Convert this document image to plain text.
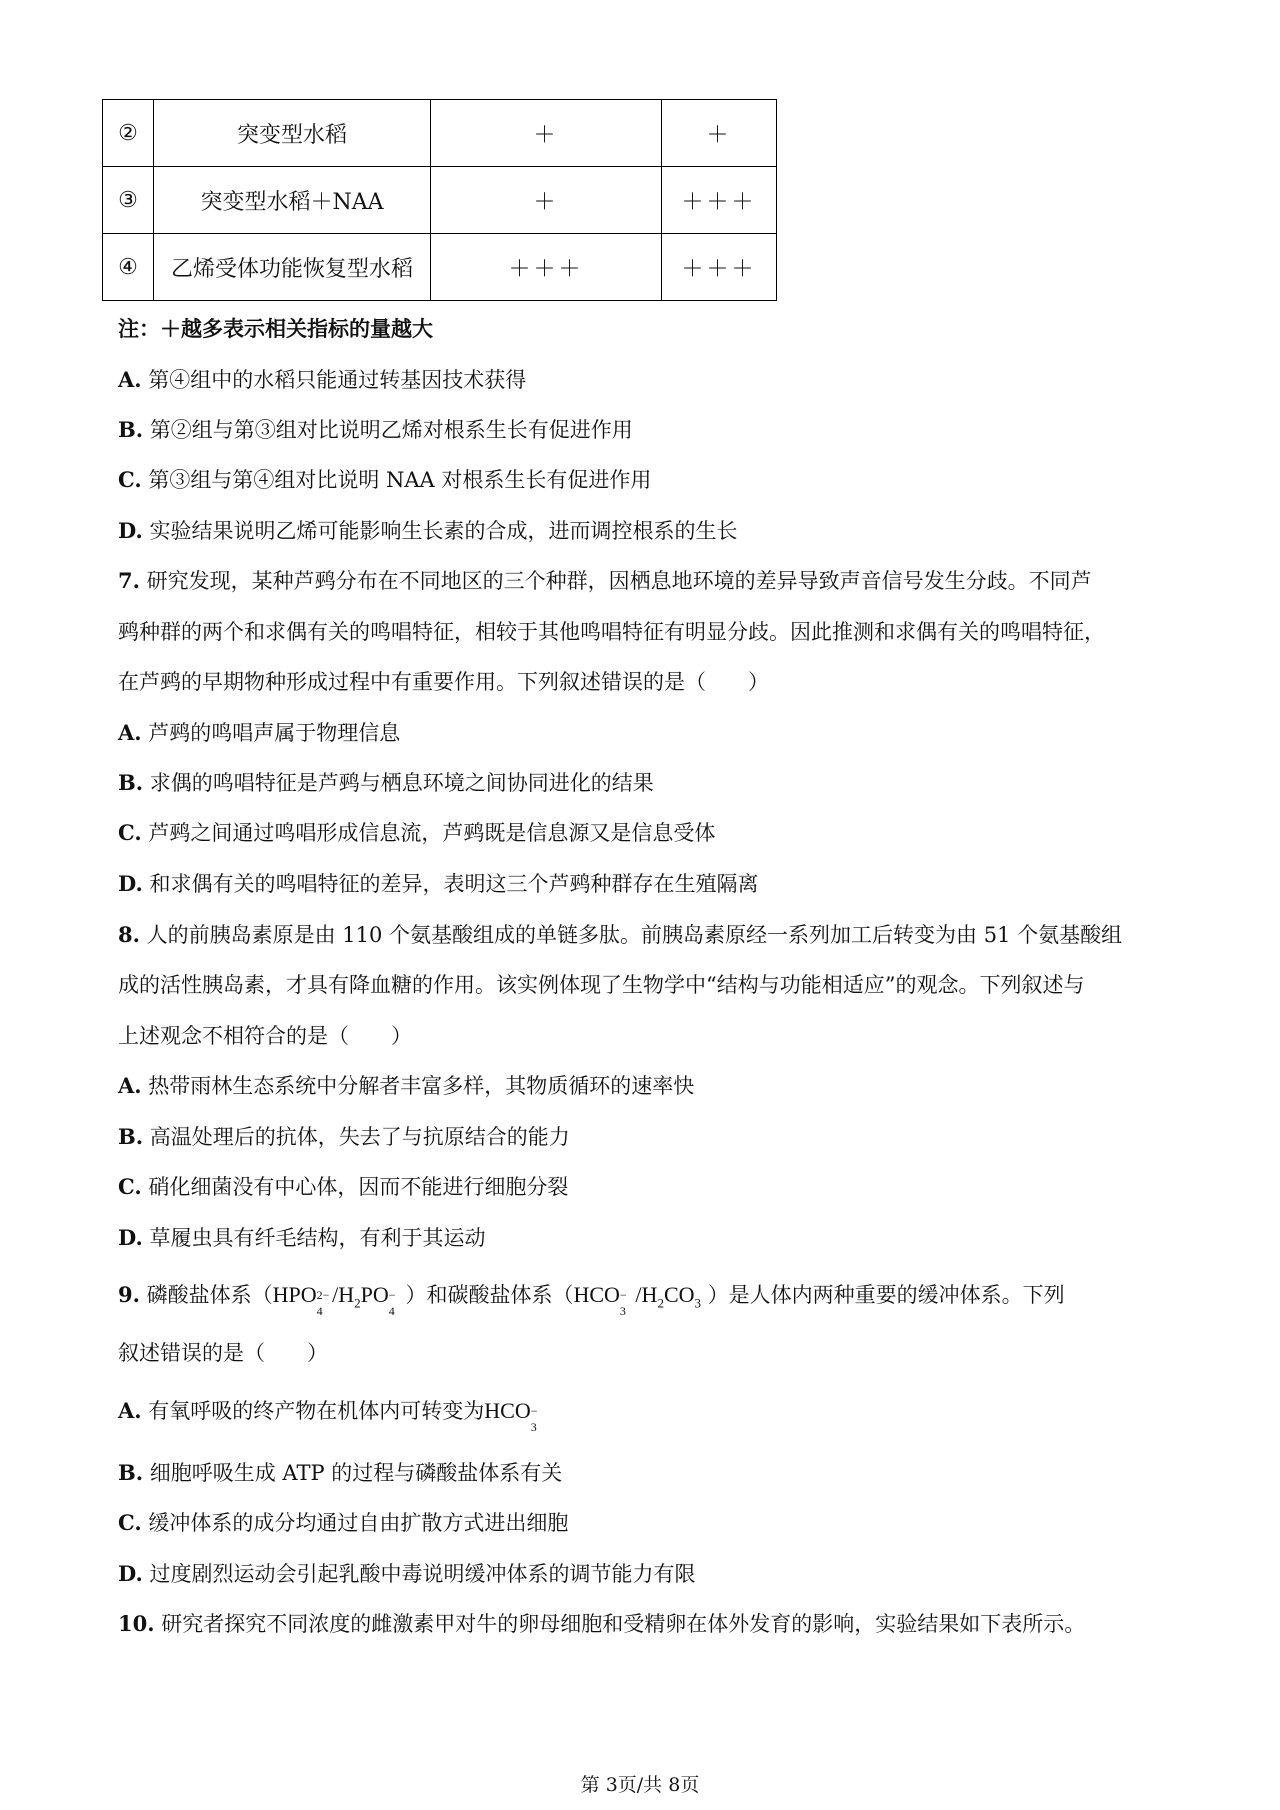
②	突变型水稻	＋	＋
③	突变型水稻＋NAA	＋	＋＋＋
④	乙烯受体功能恢复型水稻	＋＋＋	＋＋＋
注：＋越多表示相关指标的量越大
A. 第④组中的水稻只能通过转基因技术获得
B. 第②组与第③组对比说明乙烯对根系生长有促进作用
C. 第③组与第④组对比说明 NAA 对根系生长有促进作用
D. 实验结果说明乙烯可能影响生长素的合成，进而调控根系的生长
7. 研究发现，某种芦鹀分布在不同地区的三个种群，因栖息地环境的差异导致声音信号发生分歧。不同芦
鹀种群的两个和求偶有关的鸣唱特征，相较于其他鸣唱特征有明显分歧。因此推测和求偶有关的鸣唱特征，
在芦鹀的早期物种形成过程中有重要作用。下列叙述错误的是（　　）
A. 芦鹀的鸣唱声属于物理信息
B. 求偶的鸣唱特征是芦鹀与栖息环境之间协同进化的结果
C. 芦鹀之间通过鸣唱形成信息流，芦鹀既是信息源又是信息受体
D. 和求偶有关的鸣唱特征的差异，表明这三个芦鹀种群存在生殖隔离
8. 人的前胰岛素原是由 110 个氨基酸组成的单链多肽。前胰岛素原经一系列加工后转变为由 51 个氨基酸组
成的活性胰岛素，才具有降血糖的作用。该实例体现了生物学中“结构与功能相适应”的观念。下列叙述与
上述观念不相符合的是（　　）
A. 热带雨林生态系统中分解者丰富多样，其物质循环的速率快
B. 高温处理后的抗体，失去了与抗原结合的能力
C. 硝化细菌没有中心体，因而不能进行细胞分裂
D. 草履虫具有纤毛结构，有利于其运动
9. 磷酸盐体系（HPO 2−
4
$/H_2PO$ −
4
）和碳酸盐体系（HCO −
3
$/H_2CO_3$ ）是人体内两种重要的缓冲体系。下列
叙述错误的是（　　）
A. 有氧呼吸的终产物在机体内可转变为HCO −
3
B. 细胞呼吸生成 ATP 的过程与磷酸盐体系有关
C. 缓冲体系的成分均通过自由扩散方式进出细胞
D. 过度剧烈运动会引起乳酸中毒说明缓冲体系的调节能力有限
10. 研究者探究不同浓度的雌激素甲对牛的卵母细胞和受精卵在体外发育的影响，实验结果如下表所示。
第 3页/共 8页
